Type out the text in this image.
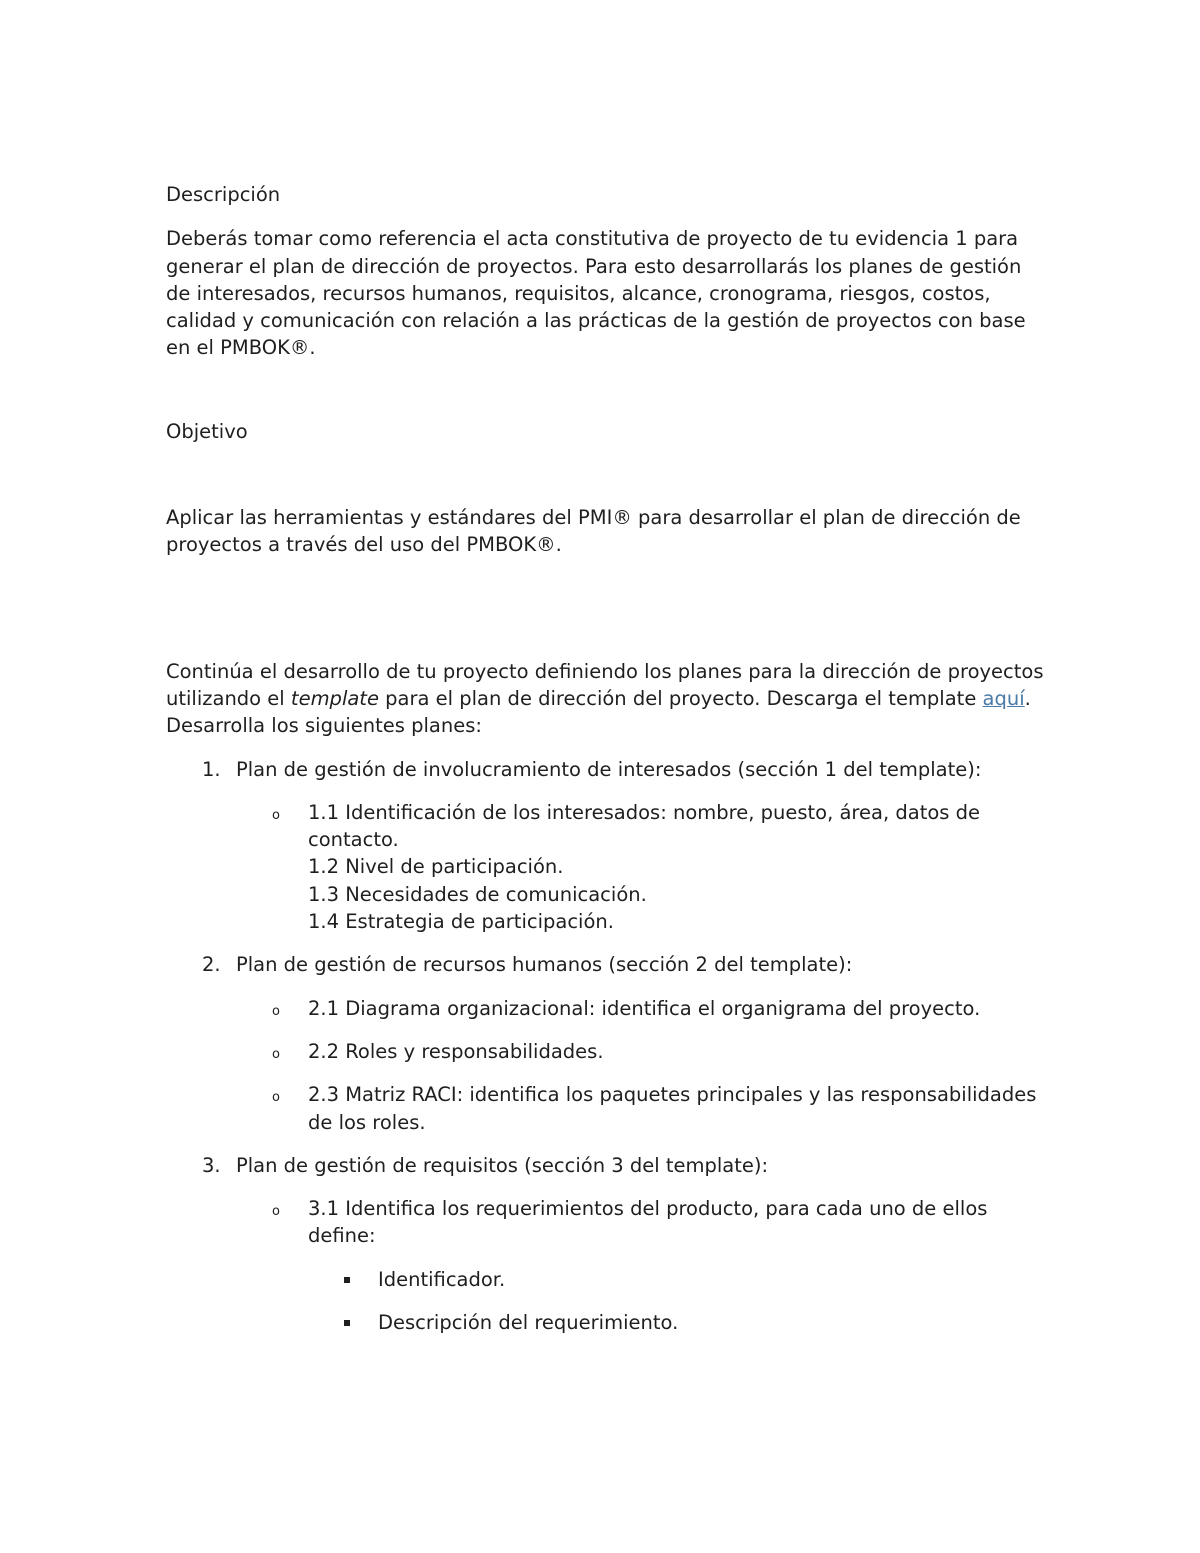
Descripción

Deberás tomar como referencia el acta constitutiva de proyecto de tu evidencia 1 para generar el plan de dirección de proyectos. Para esto desarrollarás los planes de gestión de interesados, recursos humanos, requisitos, alcance, cronograma, riesgos, costos, calidad y comunicación con relación a las prácticas de la gestión de proyectos con base en el PMBOK®.

Objetivo

Aplicar las herramientas y estándares del PMI® para desarrollar el plan de dirección de proyectos a través del uso del PMBOK®.

Continúa el desarrollo de tu proyecto definiendo los planes para la dirección de proyectos utilizando el template para el plan de dirección del proyecto. Descarga el template aquí. Desarrolla los siguientes planes:

1. Plan de gestión de involucramiento de interesados (sección 1 del template):
o 1.1 Identificación de los interesados: nombre, puesto, área, datos de contacto.
1.2 Nivel de participación.
1.3 Necesidades de comunicación.
1.4 Estrategia de participación.
2. Plan de gestión de recursos humanos (sección 2 del template):
o 2.1 Diagrama organizacional: identifica el organigrama del proyecto.
o 2.2 Roles y responsabilidades.
o 2.3 Matriz RACI: identifica los paquetes principales y las responsabilidades de los roles.
3. Plan de gestión de requisitos (sección 3 del template):
o 3.1 Identifica los requerimientos del producto, para cada uno de ellos define:
Identificador.
Descripción del requerimiento.
